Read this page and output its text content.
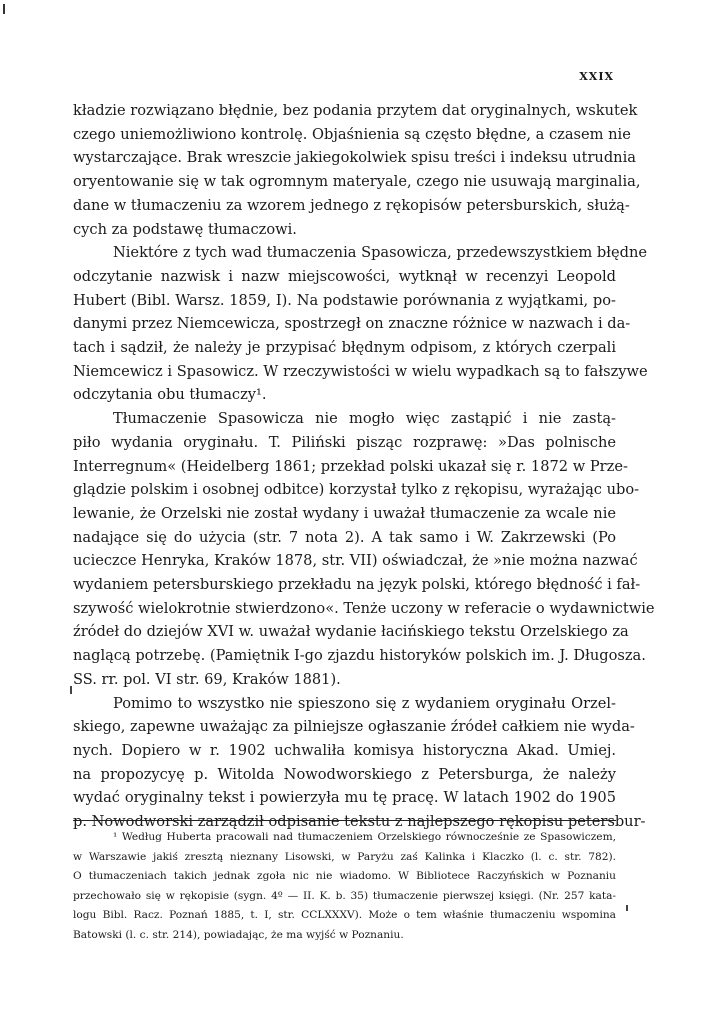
XXIX
kładzie rozwiązano błędnie, bez podania przytem dat oryginalnych, wskutek
czego uniemożliwiono kontrolę. Objaśnienia są często błędne, a czasem nie
wystarczające. Brak wreszcie jakiegokolwiek spisu treści i indeksu utrudnia
oryentowanie się w tak ogromnym materyale, czego nie usuwają marginalia,
dane w tłumaczeniu za wzorem jednego z rękopisów petersburskich, służą-
cych za podstawę tłumaczowi.
Niektóre z tych wad tłumaczenia Spasowicza, przedewszystkiem błędne
odczytanie nazwisk i nazw miejscowości, wytknął w recenzyi Leopold
Hubert (Bibl. Warsz. 1859, I). Na podstawie porównania z wyjątkami, po-
danymi przez Niemcewicza, spostrzegł on znaczne różnice w nazwach i da-
tach i sądził, że należy je przypisać błędnym odpisom, z których czerpali
Niemcewicz i Spasowicz. W rzeczywistości w wielu wypadkach są to fałszywe
odczytania obu tłumaczy¹.
Tłumaczenie Spasowicza nie mogło więc zastąpić i nie zastą-
piło wydania oryginału. T. Piliński pisząc rozprawę: »Das polnische
Interregnum« (Heidelberg 1861; przekład polski ukazał się r. 1872 w Prze-
glądzie polskim i osobnej odbitce) korzystał tylko z rękopisu, wyrażając ubo-
lewanie, że Orzelski nie został wydany i uważał tłumaczenie za wcale nie
nadające się do użycia (str. 7 nota 2). A tak samo i W. Zakrzewski (Po
ucieczce Henryka, Kraków 1878, str. VII) oświadczał, że »nie można nazwać
wydaniem petersburskiego przekładu na język polski, którego błędność i fał-
szywość wielokrotnie stwierdzono«. Tenże uczony w referacie o wydawnictwie
źródeł do dziejów XVI w. uważał wydanie łacińskiego tekstu Orzelskiego za
naglącą potrzebę. (Pamiętnik I-go zjazdu historyków polskich im. J. Długosza.
SS. rr. pol. VI str. 69, Kraków 1881).
Pomimo to wszystko nie spieszono się z wydaniem oryginału Orzel-
skiego, zapewne uważając za pilniejsze ogłaszanie źródeł całkiem nie wyda-
nych. Dopiero w r. 1902 uchwaliła komisya historyczna Akad. Umiej.
na propozycyę p. Witolda Nowodworskiego z Petersburga, że należy
wydać oryginalny tekst i powierzyła mu tę pracę. W latach 1902 do 1905
p. Nowodworski zarządził odpisanie tekstu z najlepszego rękopisu petersbur-
¹ Według Huberta pracowali nad tłumaczeniem Orzelskiego równocześnie ze Spasowiczem,
w Warszawie jakiś zresztą nieznany Lisowski, w Paryżu zaś Kalinka i Klaczko (l. c. str. 782).
O tłumaczeniach takich jednak zgoła nic nie wiadomo. W Bibliotece Raczyńskich w Poznaniu
przechowało się w rękopisie (sygn. 4º — II. K. b. 35) tłumaczenie pierwszej księgi. (Nr. 257 kata-
logu Bibl. Racz. Poznań 1885, t. I, str. CCLXXXV). Może o tem właśnie tłumaczeniu wspomina
Batowski (l. c. str. 214), powiadając, że ma wyjść w Poznaniu.
